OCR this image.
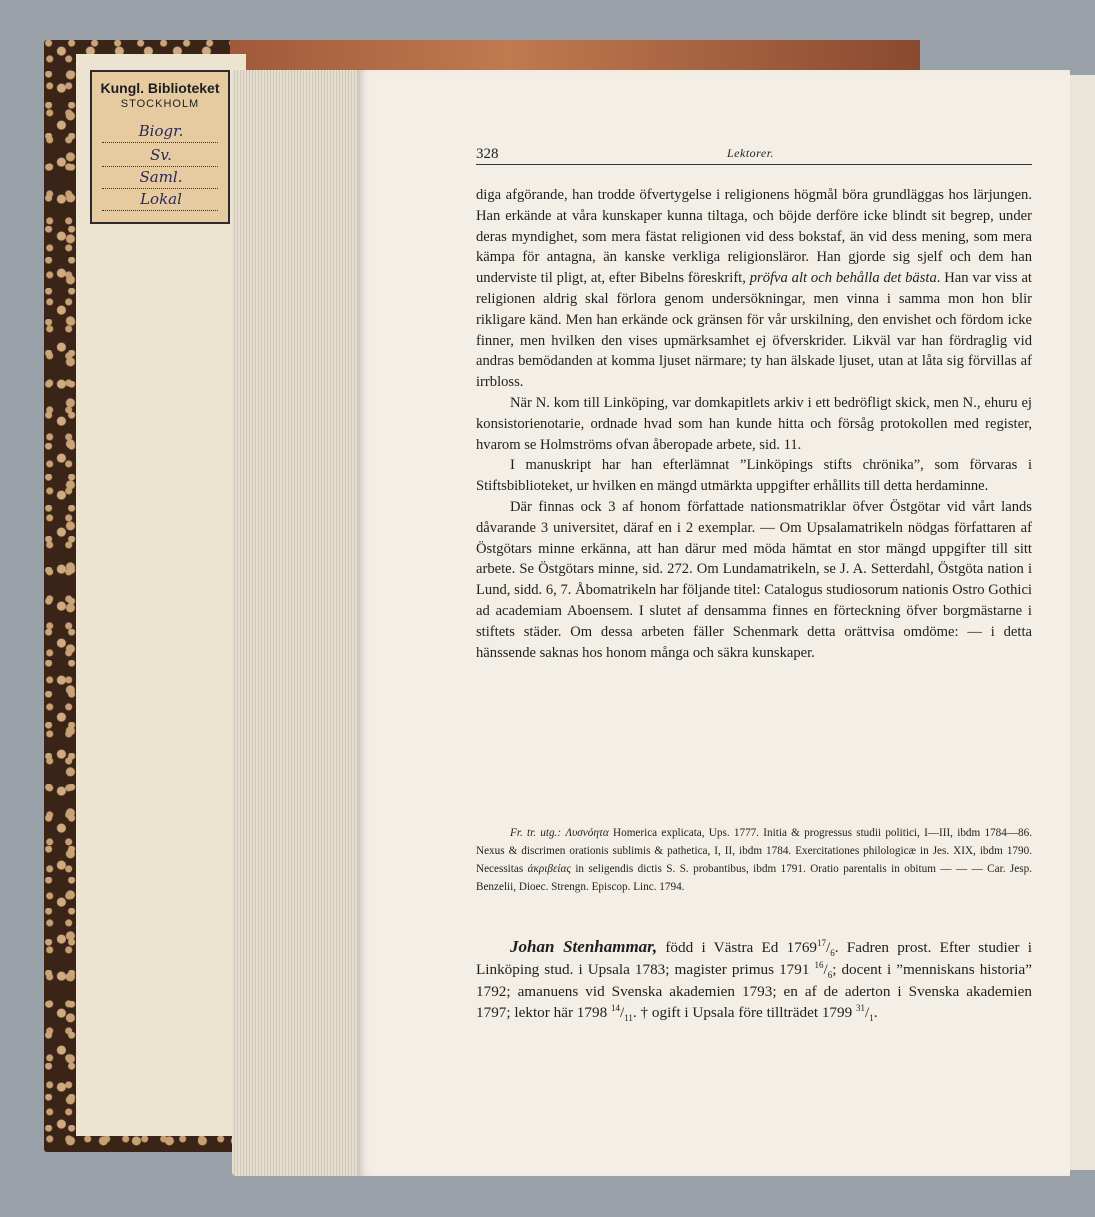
Kungl. Biblioteket
STOCKHOLM
Biogr.
Sv.
Saml.
Lokal
328	Lektorer.

diga afgörande, han trodde öfvertygelse i religionens högmål böra grundläggas hos lärjungen. Han erkände at våra kunskaper kunna tiltaga, och böjde derföre icke blindt sit begrep, under deras myndighet, som mera fästat religionen vid dess bokstaf, än vid dess mening, som mera kämpa för antagna, än kanske verkliga religionsläror. Han gjorde sig sjelf och dem han underviste til pligt, at, efter Bibelns föreskrift, pröfva alt och behålla det bästa. Han var viss at religionen aldrig skal förlora genom undersökningar, men vinna i samma mon hon blir rikligare känd. Men han erkände ock gränsen för vår urskilning, den envishet och fördom icke finner, men hvilken den vises upmärksamhet ej öfverskrider. Likväl var han fördraglig vid andras bemödanden at komma ljuset närmare; ty han älskade ljuset, utan at låta sig förvillas af irrbloss.

När N. kom till Linköping, var domkapitlets arkiv i ett bedröfligt skick, men N., ehuru ej konsistorienotarie, ordnade hvad som han kunde hitta och försåg protokollen med register, hvarom se Holmströms ofvan åberopade arbete, sid. 11.

I manuskript har han efterlämnat ”Linköpings stifts chrönika”, som förvaras i Stiftsbiblioteket, ur hvilken en mängd utmärkta uppgifter erhållits till detta herdaminne.

Där finnas ock 3 af honom författade nationsmatriklar öfver Östgötar vid vårt lands dåvarande 3 universitet, däraf en i 2 exemplar. — Om Upsalamatrikeln nödgas författaren af Östgötars minne erkänna, att han därur med möda hämtat en stor mängd uppgifter till sitt arbete. Se Östgötars minne, sid. 272. Om Lundamatrikeln, se J. A. Setterdahl, Östgöta nation i Lund, sidd. 6, 7. Åbomatrikeln har följande titel: Catalogus studiosorum nationis Ostro Gothici ad academiam Aboensem. I slutet af densamma finnes en förteckning öfver borgmästarne i stiftets städer. Om dessa arbeten fäller Schenmark detta orättvisa omdöme: — i detta hänssende saknas hos honom många och säkra kunskaper.

Fr. tr. utg.: Λυσνόητα Homerica explicata, Ups. 1777. Initia & progressus studii politici, I—III, ibdm 1784—86. Nexus & discrimen orationis sublimis & pathetica, I, II, ibdm 1784. Exercitationes philologicæ in Jes. XIX, ibdm 1790. Necessitas ἀκριβείας in seligendis dictis S. S. probantibus, ibdm 1791. Oratio parentalis in obitum — — — Car. Jesp. Benzelii, Dioec. Strengn. Episcop. Linc. 1794.

Johan Stenhammar, född i Västra Ed $1769^{17}/_6$. Fadren prost. Efter studier i Linköping stud. i Upsala 1783; magister primus 1791 $^{16}/_6$; docent i ”menniskans historia” 1792; amanuens vid Svenska akademien 1793; en af de aderton i Svenska akademien 1797; lektor här 1798 $^{14}/_{11}$. † ogift i Upsala före tillträdet 1799 $^{31}/_1$.
